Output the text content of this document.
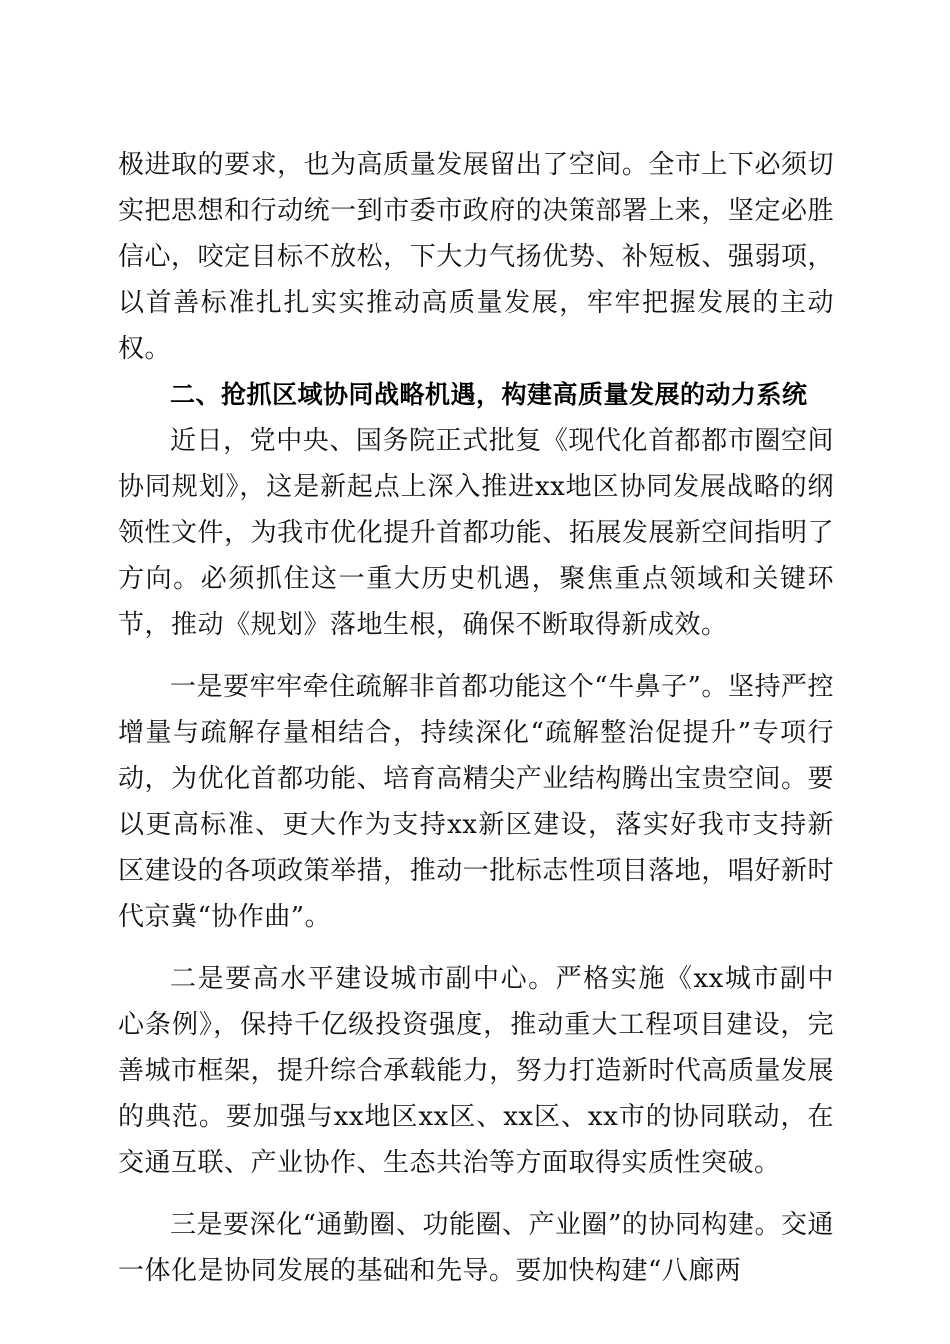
极进取的要求，也为高质量发展留出了空间。全市上下必须切实把思想和行动统一到市委市政府的决策部署上来，坚定必胜信心，咬定目标不放松，下大力气扬优势、补短板、强弱项，以首善标准扎扎实实推动高质量发展，牢牢把握发展的主动权。

二、抢抓区域协同战略机遇，构建高质量发展的动力系统

近日，党中央、国务院正式批复《现代化首都都市圈空间协同规划》，这是新起点上深入推进xx地区协同发展战略的纲领性文件，为我市优化提升首都功能、拓展发展新空间指明了方向。必须抓住这一重大历史机遇，聚焦重点领域和关键环节，推动《规划》落地生根，确保不断取得新成效。

一是要牢牢牵住疏解非首都功能这个“牛鼻子”。坚持严控增量与疏解存量相结合，持续深化“疏解整治促提升”专项行动，为优化首都功能、培育高精尖产业结构腾出宝贵空间。要以更高标准、更大作为支持xx新区建设，落实好我市支持新区建设的各项政策举措，推动一批标志性项目落地，唱好新时代京冀“协作曲”。

二是要高水平建设城市副中心。严格实施《xx城市副中心条例》，保持千亿级投资强度，推动重大工程项目建设，完善城市框架，提升综合承载能力，努力打造新时代高质量发展的典范。要加强与xx地区xx区、xx区、xx市的协同联动，在交通互联、产业协作、生态共治等方面取得实质性突破。

三是要深化“通勤圈、功能圈、产业圈”的协同构建。交通一体化是协同发展的基础和先导。要加快构建“八廊两
